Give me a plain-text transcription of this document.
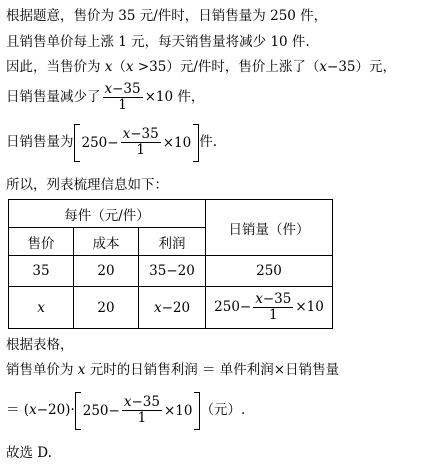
根据题意，售价为 35 元/件时，日销售量为 250 件，
且销售单价每上涨 1 元，每天销售量将减少 10 件.
因此，当售价为 x（x >35）元/件时，售价上涨了（x−35）元，
日销售量减少了 $\frac{x-35}{1} \times 10$ 件，
日销售量为 $250- \frac{x-35}{1} \times 10$ 件.
所以，列表梳理信息如下：
每件（元/件）			日销量（件）
售价	成本	利润	
35	20	35−20	250
x	20	x−20	$250- \frac{x-35}{1} \times 10$
根据表格，
销售单价为 x 元时的日销售利润 ＝ 单件利润×日销售量
＝ $(x-20)\cdot 250- \frac{x-35}{1} \times 10$ （元）.
故选 D.
